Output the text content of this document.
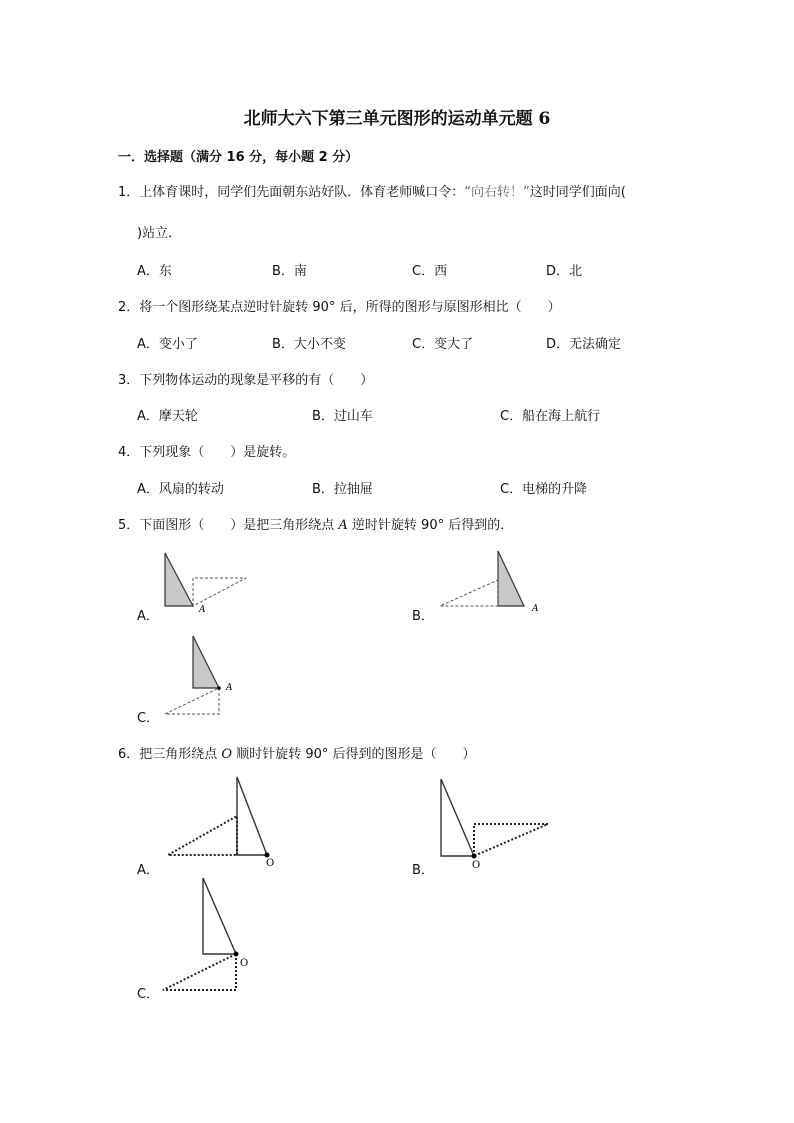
北师大六下第三单元图形的运动单元题 6
一．选择题（满分 16 分，每小题 2 分）
1．上体育课时，同学们先面朝东站好队．体育老师喊口令：“向右转！”这时同学们面向(
)站立．
A．东	B．南	C．西	D．北
2．将一个图形绕某点逆时针旋转 90° 后，所得的图形与原图形相比（　　）
A．变小了	B．大小不变	C．变大了	D．无法确定
3．下列物体运动的现象是平移的有（　　）
A．摩天轮	B．过山车	C．船在海上航行
4．下列现象（　　）是旋转。
A．风扇的转动	B．拉抽屉	C．电梯的升降
5．下面图形（　　）是把三角形绕点 A 逆时针旋转 90° 后得到的．
A．	A	B．	A
C．
A
6．把三角形绕点 O 顺时针旋转 90° 后得到的图形是（　　）
A．	O	B．	O
C．
O
